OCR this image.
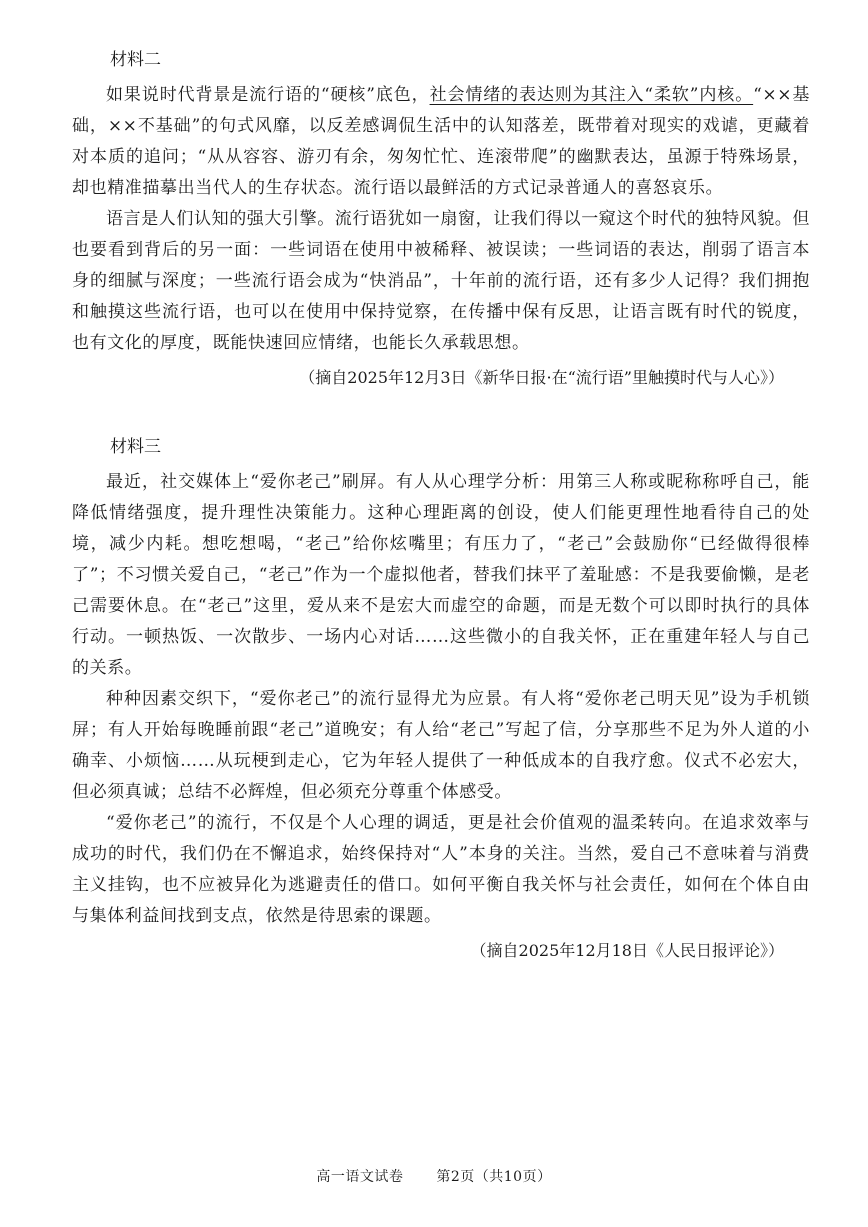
材料二

如果说时代背景是流行语的“硬核”底色，社会情绪的表达则为其注入“柔软”内核。“××基础，××不基础”的句式风靡，以反差感调侃生活中的认知落差，既带着对现实的戏谑，更藏着对本质的追问；“从从容容、游刃有余，匆匆忙忙、连滚带爬”的幽默表达，虽源于特殊场景，却也精准描摹出当代人的生存状态。流行语以最鲜活的方式记录普通人的喜怒哀乐。

语言是人们认知的强大引擎。流行语犹如一扇窗，让我们得以一窥这个时代的独特风貌。但也要看到背后的另一面：一些词语在使用中被稀释、被误读；一些词语的表达，削弱了语言本身的细腻与深度；一些流行语会成为“快消品”，十年前的流行语，还有多少人记得？我们拥抱和触摸这些流行语，也可以在使用中保持觉察，在传播中保有反思，让语言既有时代的锐度，也有文化的厚度，既能快速回应情绪，也能长久承载思想。

（摘自2025年12月3日《新华日报·在“流行语”里触摸时代与人心》）
材料三

最近，社交媒体上“爱你老己”刷屏。有人从心理学分析：用第三人称或昵称称呼自己，能降低情绪强度，提升理性决策能力。这种心理距离的创设，使人们能更理性地看待自己的处境，减少内耗。想吃想喝，“老己”给你炫嘴里；有压力了，“老己”会鼓励你“已经做得很棒了”；不习惯关爱自己，“老己”作为一个虚拟他者，替我们抹平了羞耻感：不是我要偷懒，是老己需要休息。在“老己”这里，爱从来不是宏大而虚空的命题，而是无数个可以即时执行的具体行动。一顿热饭、一次散步、一场内心对话……这些微小的自我关怀，正在重建年轻人与自己的关系。

种种因素交织下，“爱你老己”的流行显得尤为应景。有人将“爱你老己明天见”设为手机锁屏；有人开始每晚睡前跟“老己”道晚安；有人给“老己”写起了信，分享那些不足为外人道的小确幸、小烦恼……从玩梗到走心，它为年轻人提供了一种低成本的自我疗愈。仪式不必宏大，但必须真诚；总结不必辉煌，但必须充分尊重个体感受。

“爱你老己”的流行，不仅是个人心理的调适，更是社会价值观的温柔转向。在追求效率与成功的时代，我们仍在不懈追求，始终保持对“人”本身的关注。当然，爱自己不意味着与消费主义挂钩，也不应被异化为逃避责任的借口。如何平衡自我关怀与社会责任，如何在个体自由与集体利益间找到支点，依然是待思索的课题。

（摘自2025年12月18日《人民日报评论》）
高一语文试卷 第2页（共10页）
